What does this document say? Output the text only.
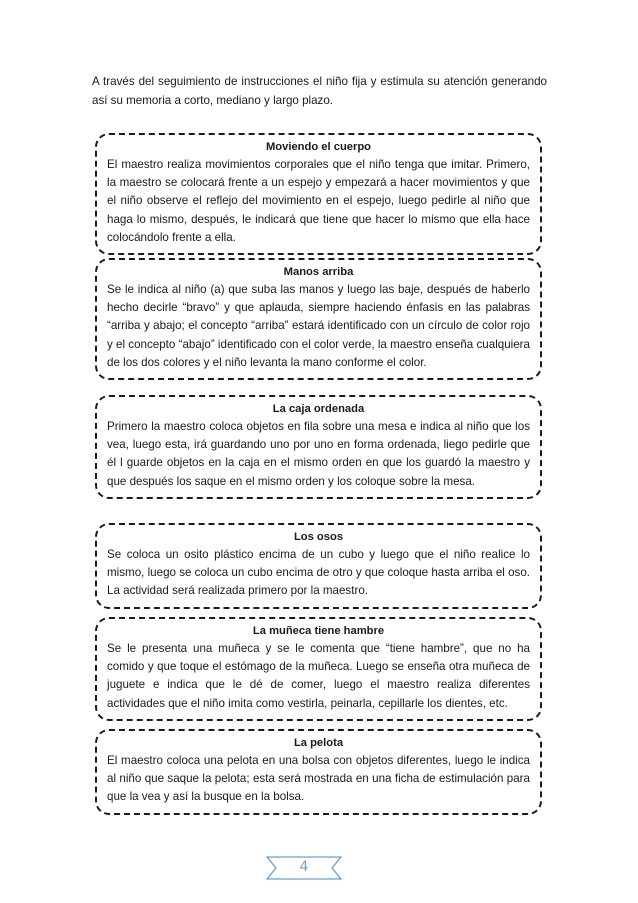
A través del seguimiento de instrucciones el niño fija y estimula su atención generando así su memoria a corto, mediano y largo plazo.

Moviendo el cuerpo

El maestro realiza movimientos corporales que el niño tenga que imitar. Primero, la maestro se colocará frente a un espejo y empezará a hacer movimientos y que el niño observe el reflejo del movimiento en el espejo, luego pedirle al niño que haga lo mismo, después, le indicará que tiene que hacer lo mismo que ella hace colocándolo frente a ella.

Manos arriba

Se le indica al niño (a) que suba las manos y luego las baje, después de haberlo hecho decirle “bravo” y que aplauda, siempre haciendo énfasis en las palabras “arriba y abajo; el concepto “arriba” estará identificado con un círculo de color rojo y el concepto “abajo” identificado con el color verde, la maestro enseña cualquiera de los dos colores y el niño levanta la mano conforme el color.

La caja ordenada

Primero la maestro coloca objetos en fila sobre una mesa e indica al niño que los vea, luego esta, irá guardando uno por uno en forma ordenada, liego pedirle que él l guarde objetos en la caja en el mismo orden en que los guardó la maestro y que después los saque en el mismo orden y los coloque sobre la mesa.

Los osos

Se coloca un osito plástico encima de un cubo y luego que el niño realice lo mismo, luego se coloca un cubo encima de otro y que coloque hasta arriba el oso. La actividad será realizada primero por la maestro.

La muñeca tiene hambre

Se le presenta una muñeca y se le comenta que “tiene hambre”, que no ha comido y que toque el estómago de la muñeca. Luego se enseña otra muñeca de juguete e indica que le dé de comer, luego el maestro realiza diferentes actividades que el niño imita como vestirla, peinarla, cepillarle los dientes, etc.

La pelota

El maestro coloca una pelota en una bolsa con objetos diferentes, luego le indica al niño que saque la pelota; esta será mostrada en una ficha de estimulación para que la vea y así la busque en la bolsa.

4
